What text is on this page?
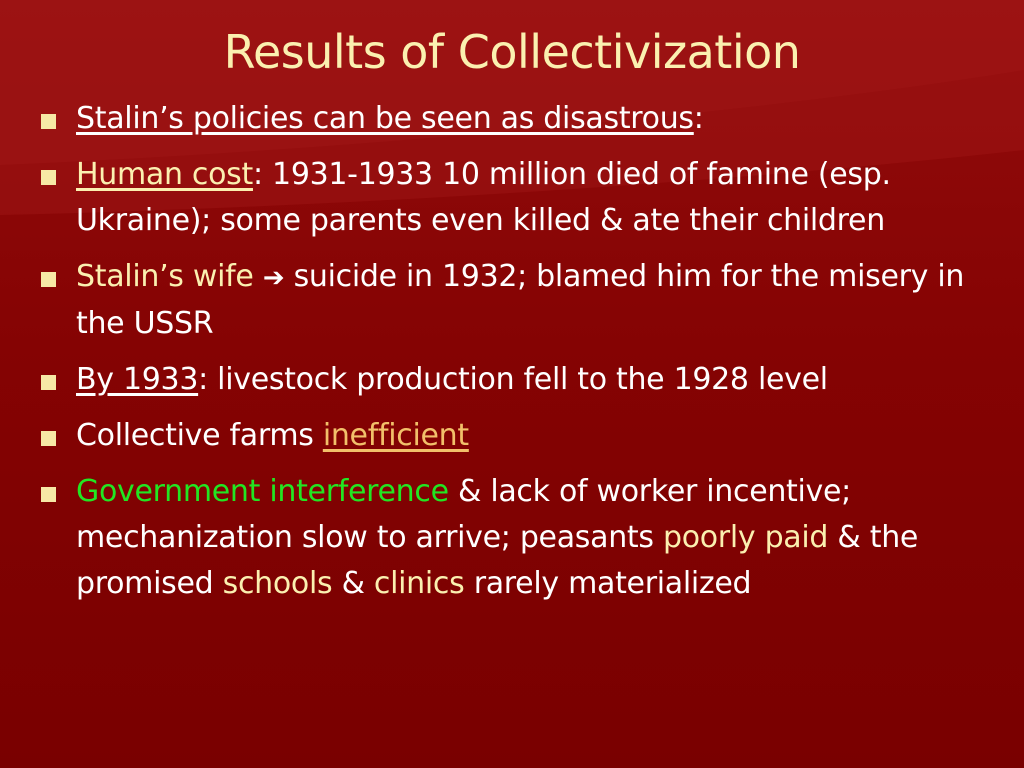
Results of Collectivization
Stalin’s policies can be seen as disastrous:
Human cost: 1931-1933 10 million died of famine (esp. Ukraine); some parents even killed & ate their children
Stalin’s wife ➔ suicide in 1932; blamed him for the misery in the USSR
By 1933: livestock production fell to the 1928 level
Collective farms inefficient
Government interference & lack of worker incentive; mechanization slow to arrive; peasants poorly paid & the promised schools & clinics rarely materialized
